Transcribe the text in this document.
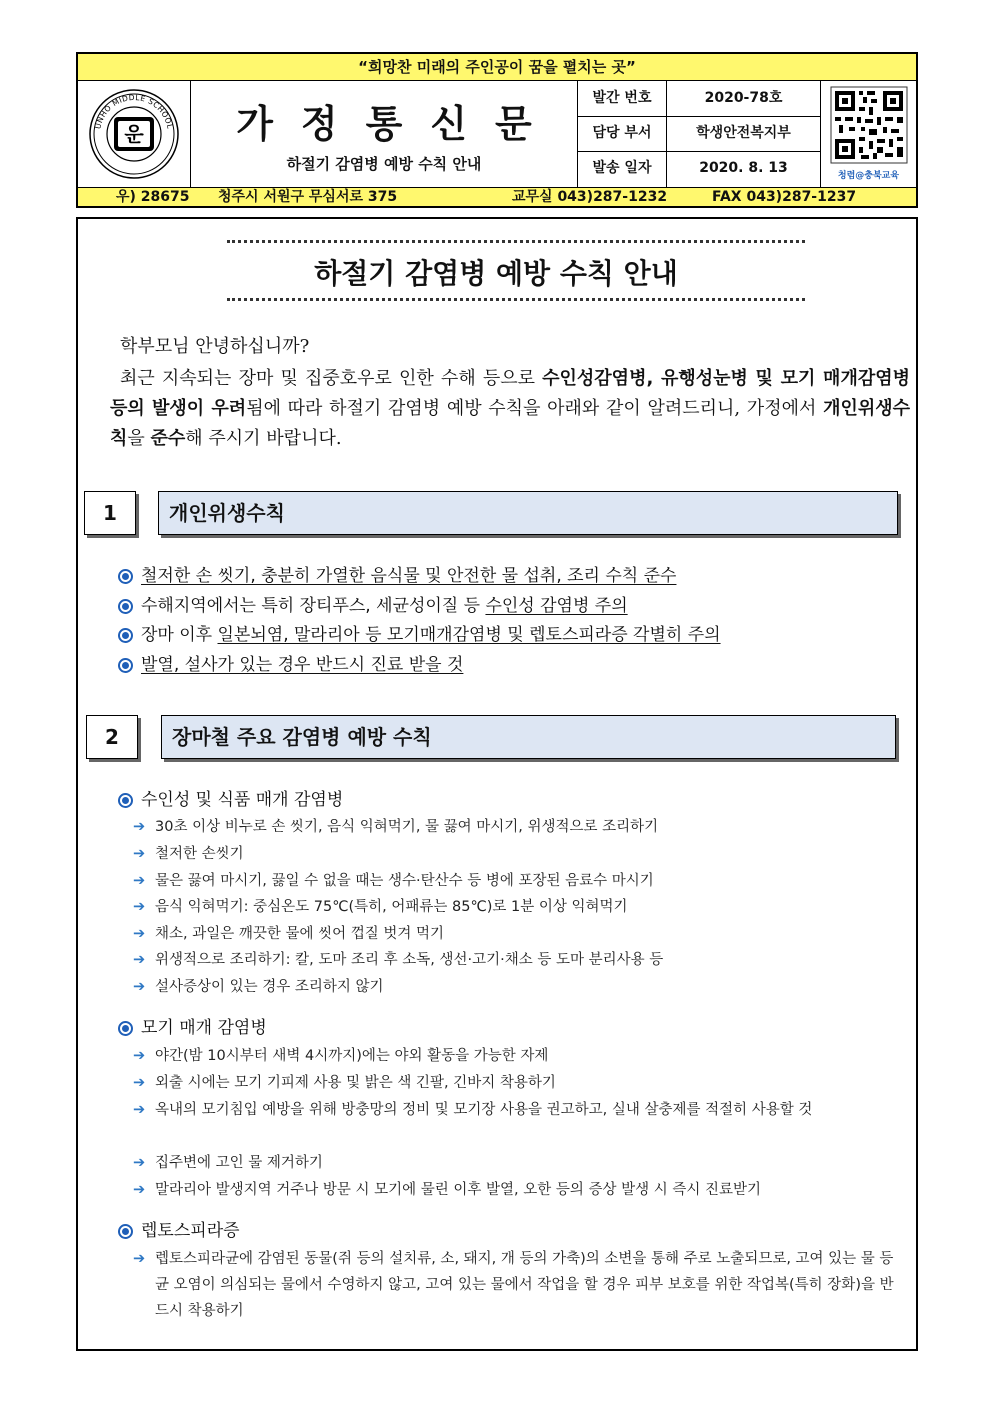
“희망찬 미래의 주인공이 꿈을 펼치는 곳”
운
UNHO MIDDLE SCHOOL	가정통신문
하절기 감염병 예방 수칙 안내
발간 번호	2020-78호
담당 부서	학생안전복지부
발송 일자	2020. 8. 13	청렴@충북교육
우) 28675 청주시 서원구 무심서로 375	교무실 043)287-1232	FAX 043)287-1237
하절기 감염병 예방 수칙 안내
학부모님 안녕하십니까?
최근 지속되는 장마 및 집중호우로 인한 수해 등으로 수인성감염병, 유행성눈병 및 모기 매개감염병 등의 발생이 우려됨에 따라 하절기 감염병 예방 수칙을 아래와 같이 알려드리니, 가정에서 개인위생수칙을 준수해 주시기 바랍니다.
1	개인위생수칙
철저한 손 씻기, 충분히 가열한 음식물 및 안전한 물 섭취, 조리 수칙 준수
수해지역에서는 특히 장티푸스, 세균성이질 등 수인성 감염병 주의
장마 이후 일본뇌염, 말라리아 등 모기매개감염병 및 렙토스피라증 각별히 주의
발열, 설사가 있는 경우 반드시 진료 받을 것
2	장마철 주요 감염병 예방 수칙
수인성 및 식품 매개 감염병
➔ 30초 이상 비누로 손 씻기, 음식 익혀먹기, 물 끓여 마시기, 위생적으로 조리하기
➔ 철저한 손씻기
➔ 물은 끓여 마시기, 끓일 수 없을 때는 생수·탄산수 등 병에 포장된 음료수 마시기
➔ 음식 익혀먹기: 중심온도 75℃(특히, 어패류는 85℃)로 1분 이상 익혀먹기
➔ 채소, 과일은 깨끗한 물에 씻어 껍질 벗겨 먹기
➔ 위생적으로 조리하기: 칼, 도마 조리 후 소독, 생선·고기·채소 등 도마 분리사용 등
➔ 설사증상이 있는 경우 조리하지 않기
모기 매개 감염병
➔ 야간(밤 10시부터 새벽 4시까지)에는 야외 활동을 가능한 자제
➔ 외출 시에는 모기 기피제 사용 및 밝은 색 긴팔, 긴바지 착용하기
➔ 옥내의 모기침입 예방을 위해 방충망의 정비 및 모기장 사용을 권고하고, 실내 살충제를 적절히 사용할 것
➔ 집주변에 고인 물 제거하기
➔ 말라리아 발생지역 거주나 방문 시 모기에 물린 이후 발열, 오한 등의 증상 발생 시 즉시 진료받기
렙토스피라증
➔ 렙토스피라균에 감염된 동물(쥐 등의 설치류, 소, 돼지, 개 등의 가축)의 소변을 통해 주로 노출되므로, 고여 있는 물 등 균 오염이 의심되는 물에서 수영하지 않고, 고여 있는 물에서 작업을 할 경우 피부 보호를 위한 작업복(특히 장화)을 반드시 착용하기
